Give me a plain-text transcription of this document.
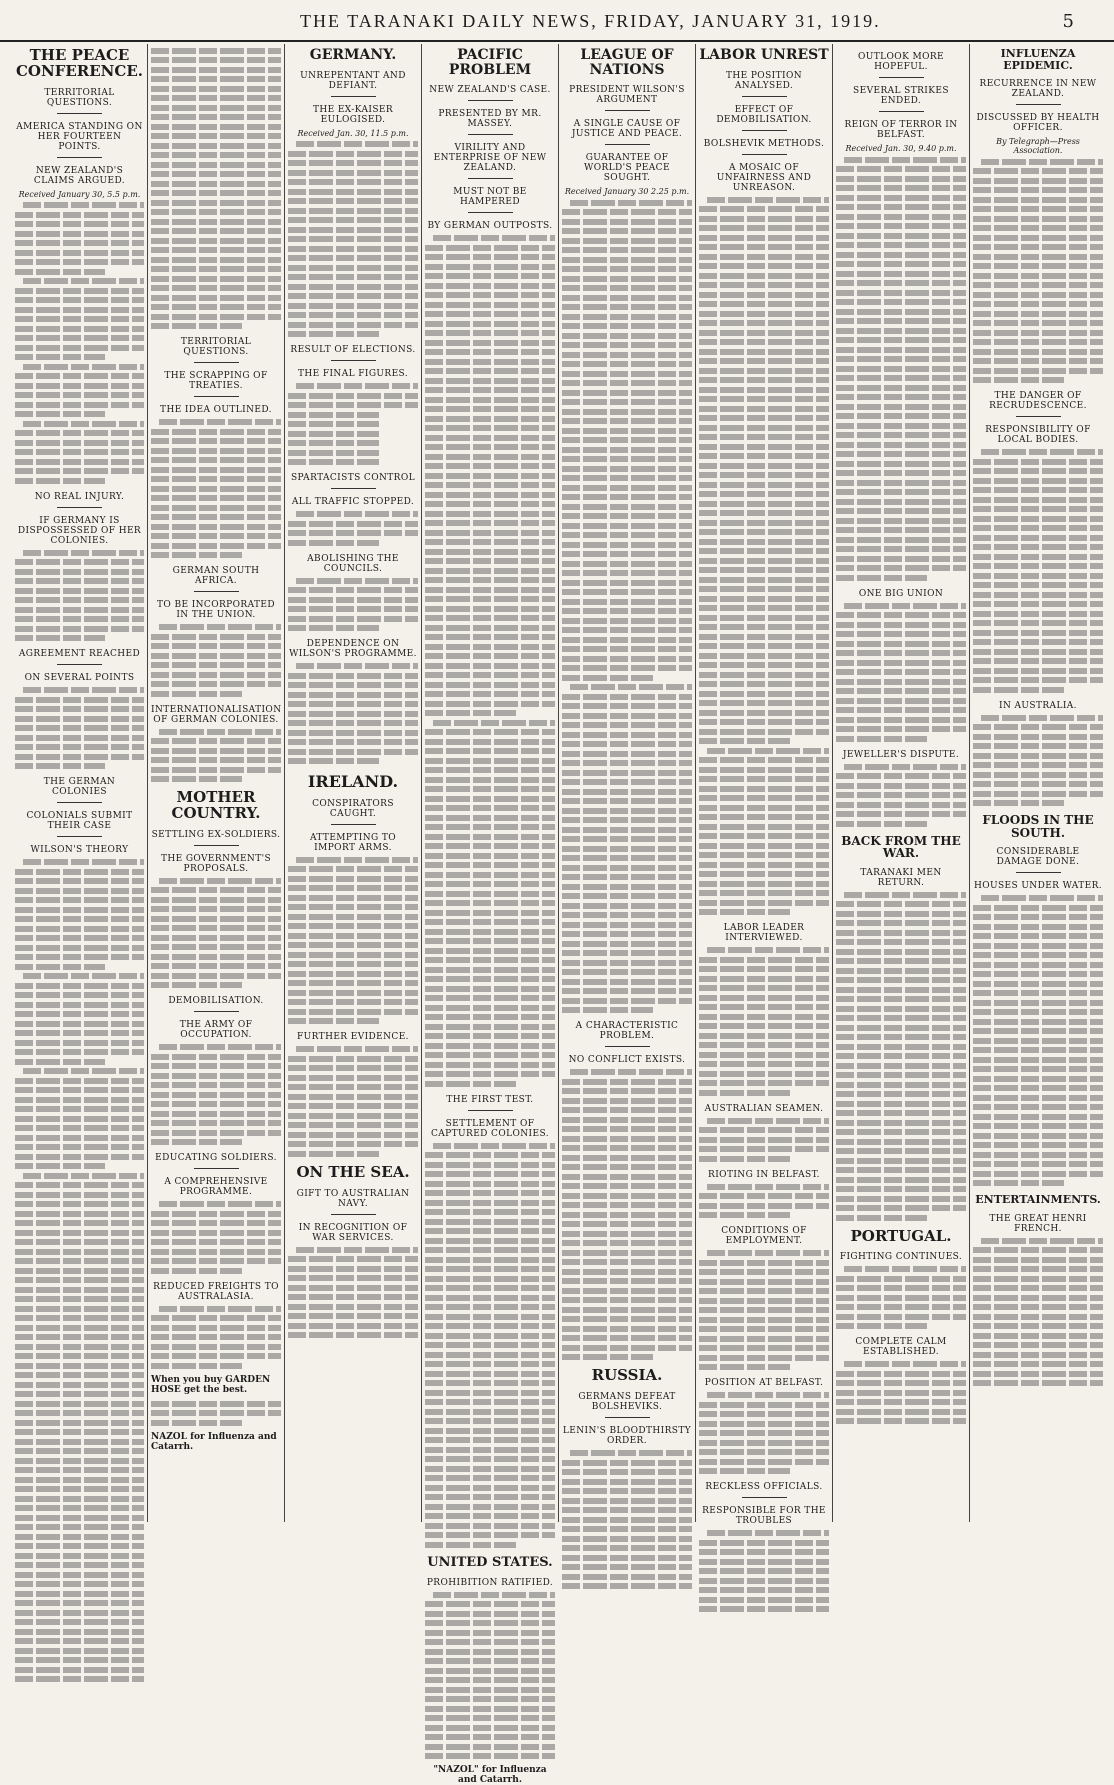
THE TARANAKI DAILY NEWS, FRIDAY, JANUARY 31, 1919.	5
THE PEACE CONFERENCE.
TERRITORIAL QUESTIONS.
AMERICA STANDING ON HER FOURTEEN POINTS.
NEW ZEALAND'S CLAIMS ARGUED.
Received January 30, 5.5 p.m.
NO REAL INJURY.
IF GERMANY IS DISPOSSESSED OF HER COLONIES.
AGREEMENT REACHED
ON SEVERAL POINTS
THE GERMAN COLONIES
COLONIALS SUBMIT THEIR CASE
WILSON'S THEORY
TERRITORIAL QUESTIONS.
THE SCRAPPING OF TREATIES.
THE IDEA OUTLINED.
GERMAN SOUTH AFRICA.
TO BE INCORPORATED IN THE UNION.
INTERNATIONALISATION OF GERMAN COLONIES.
MOTHER COUNTRY.
SETTLING EX-SOLDIERS.
THE GOVERNMENT'S PROPOSALS.
DEMOBILISATION.
THE ARMY OF OCCUPATION.
EDUCATING SOLDIERS.
A COMPREHENSIVE PROGRAMME.
REDUCED FREIGHTS TO AUSTRALASIA.
When you buy GARDEN HOSE get the best.
NAZOL for Influenza and Catarrh.
GERMANY.
UNREPENTANT AND DEFIANT.
THE EX-KAISER EULOGISED.
Received Jan. 30, 11.5 p.m.
RESULT OF ELECTIONS.
THE FINAL FIGURES.
SPARTACISTS CONTROL
ALL TRAFFIC STOPPED.
ABOLISHING THE COUNCILS.
DEPENDENCE ON WILSON'S PROGRAMME.
IRELAND.
CONSPIRATORS CAUGHT.
ATTEMPTING TO IMPORT ARMS.
FURTHER EVIDENCE.
ON THE SEA.
GIFT TO AUSTRALIAN NAVY.
IN RECOGNITION OF WAR SERVICES.
PACIFIC PROBLEM
NEW ZEALAND'S CASE.
PRESENTED BY MR. MASSEY.
VIRILITY AND ENTERPRISE OF NEW ZEALAND.
MUST NOT BE HAMPERED
BY GERMAN OUTPOSTS.
THE FIRST TEST.
SETTLEMENT OF CAPTURED COLONIES.
UNITED STATES.
PROHIBITION RATIFIED.
"NAZOL" for Influenza and Catarrh.
LEAGUE OF NATIONS
PRESIDENT WILSON'S ARGUMENT
A SINGLE CAUSE OF JUSTICE AND PEACE.
GUARANTEE OF WORLD'S PEACE SOUGHT.
Received January 30 2.25 p.m.
A CHARACTERISTIC PROBLEM.
NO CONFLICT EXISTS.
RUSSIA.
GERMANS DEFEAT BOLSHEVIKS.
LENIN'S BLOODTHIRSTY ORDER.
LABOR UNREST
THE POSITION ANALYSED.
EFFECT OF DEMOBILISATION.
BOLSHEVIK METHODS.
A MOSAIC OF UNFAIRNESS AND UNREASON.
LABOR LEADER INTERVIEWED.
AUSTRALIAN SEAMEN.
RIOTING IN BELFAST.
CONDITIONS OF EMPLOYMENT.
POSITION AT BELFAST.
RECKLESS OFFICIALS.
RESPONSIBLE FOR THE TROUBLES
OUTLOOK MORE HOPEFUL.
SEVERAL STRIKES ENDED.
REIGN OF TERROR IN BELFAST.
Received Jan. 30, 9.40 p.m.
ONE BIG UNION
JEWELLER'S DISPUTE.
BACK FROM THE WAR.
TARANAKI MEN RETURN.
PORTUGAL.
FIGHTING CONTINUES.
COMPLETE CALM ESTABLISHED.
INFLUENZA EPIDEMIC.
RECURRENCE IN NEW ZEALAND.
DISCUSSED BY HEALTH OFFICER.
By Telegraph—Press Association.
THE DANGER OF RECRUDESCENCE.
RESPONSIBILITY OF LOCAL BODIES.
IN AUSTRALIA.
FLOODS IN THE SOUTH.
CONSIDERABLE DAMAGE DONE.
HOUSES UNDER WATER.
ENTERTAINMENTS.
THE GREAT HENRI FRENCH.
